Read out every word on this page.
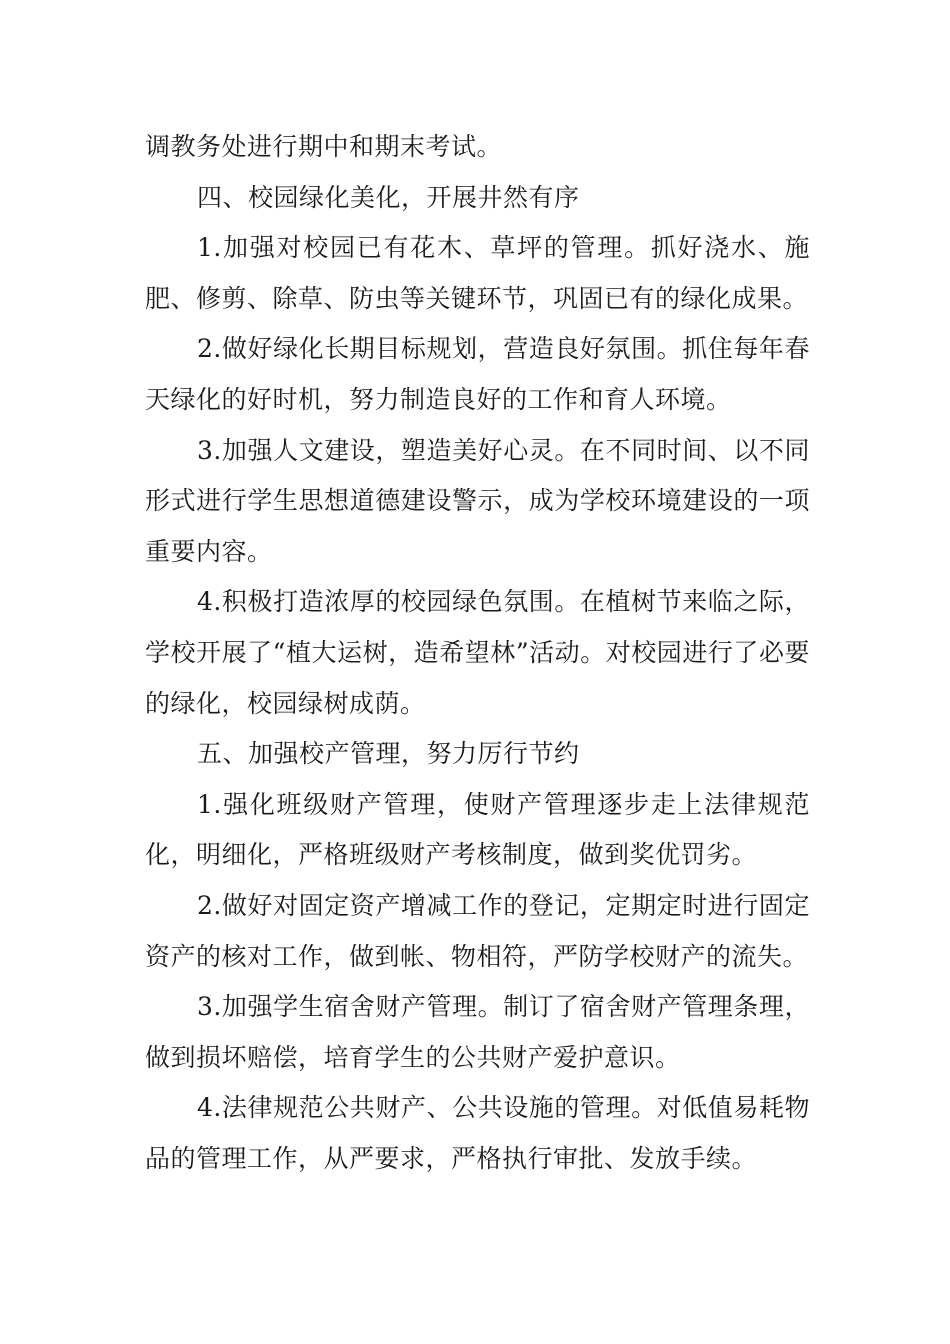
调教务处进行期中和期末考试。

四、校园绿化美化，开展井然有序

1.加强对校园已有花木、草坪的管理。抓好浇水、施肥、修剪、除草、防虫等关键环节，巩固已有的绿化成果。

2.做好绿化长期目标规划，营造良好氛围。抓住每年春天绿化的好时机，努力制造良好的工作和育人环境。

3.加强人文建设，塑造美好心灵。在不同时间、以不同形式进行学生思想道德建设警示，成为学校环境建设的一项重要内容。

4.积极打造浓厚的校园绿色氛围。在植树节来临之际，学校开展了“植大运树，造希望林”活动。对校园进行了必要的绿化，校园绿树成荫。

五、加强校产管理，努力厉行节约

1.强化班级财产管理，使财产管理逐步走上法律规范化，明细化，严格班级财产考核制度，做到奖优罚劣。

2.做好对固定资产增减工作的登记，定期定时进行固定资产的核对工作，做到帐、物相符，严防学校财产的流失。

3.加强学生宿舍财产管理。制订了宿舍财产管理条理，做到损坏赔偿，培育学生的公共财产爱护意识。

4.法律规范公共财产、公共设施的管理。对低值易耗物品的管理工作，从严要求，严格执行审批、发放手续。
